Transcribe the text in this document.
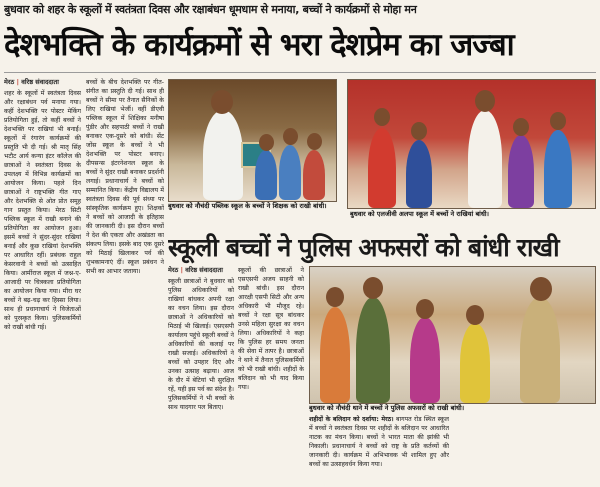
बुधवार को शहर के स्कूलों में स्वतंत्रता दिवस और रक्षाबंधन धूमधाम से मनाया, बच्चों ने कार्यक्रमों से मोहा मन
देशभक्ति के कार्यक्रमों से भरा देशप्रेम का जज्बा
मेरठ | वरिष्ठ संवाददाता
शहर के स्कूलों में स्वतंत्रता दिवस और रक्षाबंधन पर्व मनाया गया। कहीं देशभक्ति पर पोस्टर मेकिंग प्रतियोगिता हुई, तो कहीं बच्चों ने देशभक्ति पर राखियां भी बनाईं। स्कूलों में रंगारंग कार्यक्रमों की प्रस्तुति भी दी गई। श्री मातृ सिंह भटौट आर्य कन्या इंटर कॉलेज की छात्राओं ने स्वतंत्रता दिवस के उपलक्ष्य में विभिन्न कार्यक्रमों का आयोजन किया। पहले दिन छात्राओं ने राष्ट्रभक्ति गीत गाए और देशभक्ति से ओत प्रोत समूह गान प्रस्तुत किया। मेरठ सिटी पब्लिक स्कूल में राखी बनाने की प्रतियोगिता का आयोजन हुआ। इसमें बच्चों ने सुंदर-सुंदर राखियां बनाईं और कुछ राखियां देशभक्ति पर आधारित रहीं। प्रबंधक राहुल केसरवानी ने बच्चों को उत्साहित किया। आर्मीराज स्कूल में जश्न-ए-आजादी पर चित्रकला प्रतियोगिता का आयोजन किया गया। मीरा घर बच्चों ने बढ़-चढ़ कर हिस्सा लिया। साथ ही प्रधानाचार्य ने विजेताओं को पुरस्कृत किया। पुलिसकर्मियों को राखी बांधी गई।
बच्चों के बीच देशभक्ति पर गीत-संगीत का प्रस्तुति दी गई। साथ ही बच्चों ने सीमा पर तैनात सैनिकों के लिए राखियां भेजीं। वहीं डीएवी पब्लिक स्कूल में शिक्षिका मनीषा पुंडीर और सहपाठी बच्चों ने राखी बनाकर एक-दूसरे को बांधी। सेंट जोंस स्कूल के बच्चों ने भी देशभक्ति पर पोस्टर बनाए। दीपसन्स इंटरनेशनल स्कूल के बच्चों ने सुंदर राखी बनाकर प्रदर्शनी लगाई। प्रधानाचार्य ने बच्चों को सम्मानित किया। केंद्रीय विद्यालय में स्वतंत्रता दिवस की पूर्व संध्या पर सांस्कृतिक कार्यक्रम हुए। शिक्षकों ने बच्चों को आजादी के इतिहास की जानकारी दी। इस दौरान बच्चों ने देश की एकता और अखंडता का संकल्प लिया। इसके बाद एक दूसरे को मिठाई खिलाकर पर्व की शुभकामनाएं दीं। स्कूल प्रबंधन ने सभी का आभार जताया।
बुधवार को नौचंदी पब्लिक स्कूल के बच्चों ने शिक्षक को राखी बांधी।
बुधवार को एलजीवी अलपा स्कूल में बच्चों ने राखियां बांधी।
स्कूली बच्चों ने पुलिस अफसरों को बांधी राखी
मेरठ | वरिष्ठ संवाददाता
स्कूली छात्राओं ने बुधवार को पुलिस अधिकारियों को राखियां बांधकर अपनी रक्षा का वचन लिया। इस दौरान छात्राओं ने अधिकारियों को मिठाई भी खिलाई। एसएसपी कार्यालय पहुंचे स्कूली बच्चों ने अधिकारियों की कलाई पर राखी सजाई। अधिकारियों ने बच्चों को उपहार दिए और उनका उत्साह बढ़ाया। आज के दौर में बेटियां भी सुरक्षित रहें, यही इस पर्व का संदेश है। पुलिसकर्मियों ने भी बच्चों के साथ यादगार पल बिताए।
स्कूलों की छात्राओं ने एसएसपी अजय साहनी को राखी बांधी। इस दौरान आरक्षी एसपी सिटी और अन्य अधिकारी भी मौजूद रहे। बच्चों ने रक्षा सूत्र बांधकर उनसे महिला सुरक्षा का वचन लिया। अधिकारियों ने कहा कि पुलिस हर समय जनता की सेवा में तत्पर है। छात्राओं ने थाने में तैनात पुलिसकर्मियों को भी राखी बांधी। शहीदों के बलिदान को भी याद किया गया।
बुधवार को नौचंदी थाने में बच्चों ने पुलिस अफसरों को राखी बांधी।
शहीदों के बलिदान को दर्शाया: मेरठ। बागपत रोड स्थित स्कूल में बच्चों ने स्वतंत्रता दिवस पर शहीदों के बलिदान पर आधारित नाटक का मंचन किया। बच्चों ने भारत माता की झांकी भी निकाली। प्रधानाचार्य ने बच्चों को राष्ट्र के प्रति कर्तव्यों की जानकारी दी। कार्यक्रम में अभिभावक भी शामिल हुए और बच्चों का उत्साहवर्धन किया गया।
